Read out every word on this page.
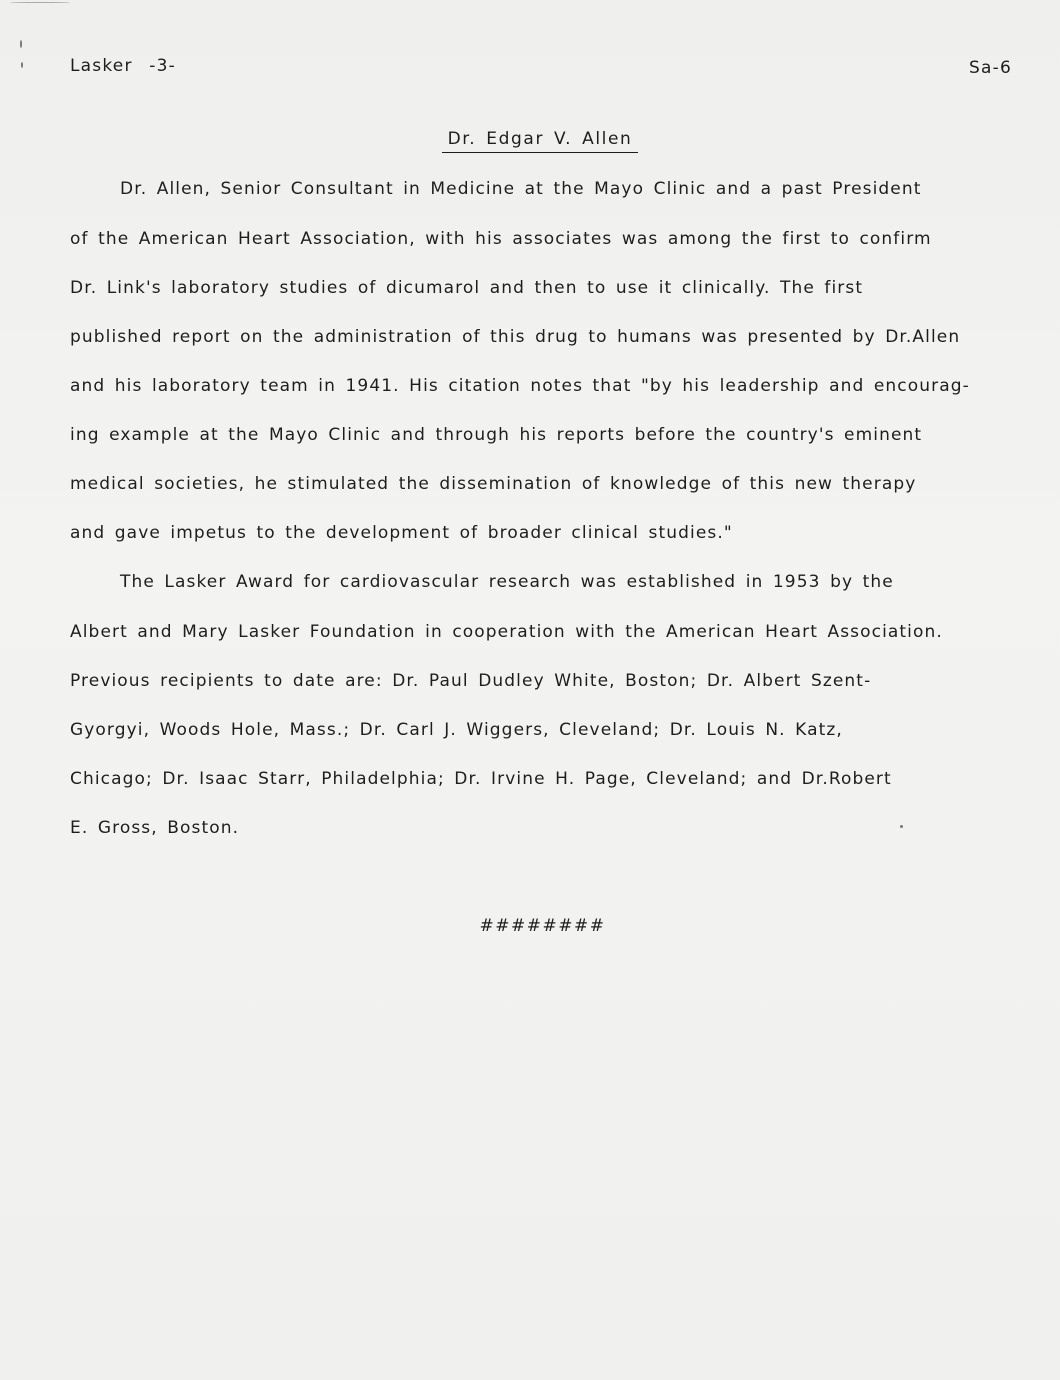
Lasker -3-	Sa-6
Dr. Edgar V. Allen
Dr. Allen, Senior Consultant in Medicine at the Mayo Clinic and a past President
of the American Heart Association, with his associates was among the first to confirm
Dr. Link's laboratory studies of dicumarol and then to use it clinically. The first
published report on the administration of this drug to humans was presented by Dr.Allen
and his laboratory team in 1941. His citation notes that "by his leadership and encourag-
ing example at the Mayo Clinic and through his reports before the country's eminent
medical societies, he stimulated the dissemination of knowledge of this new therapy
and gave impetus to the development of broader clinical studies."
The Lasker Award for cardiovascular research was established in 1953 by the
Albert and Mary Lasker Foundation in cooperation with the American Heart Association.
Previous recipients to date are: Dr. Paul Dudley White, Boston; Dr. Albert Szent-
Gyorgyi, Woods Hole, Mass.; Dr. Carl J. Wiggers, Cleveland; Dr. Louis N. Katz,
Chicago; Dr. Isaac Starr, Philadelphia; Dr. Irvine H. Page, Cleveland; and Dr.Robert
E. Gross, Boston.
########
